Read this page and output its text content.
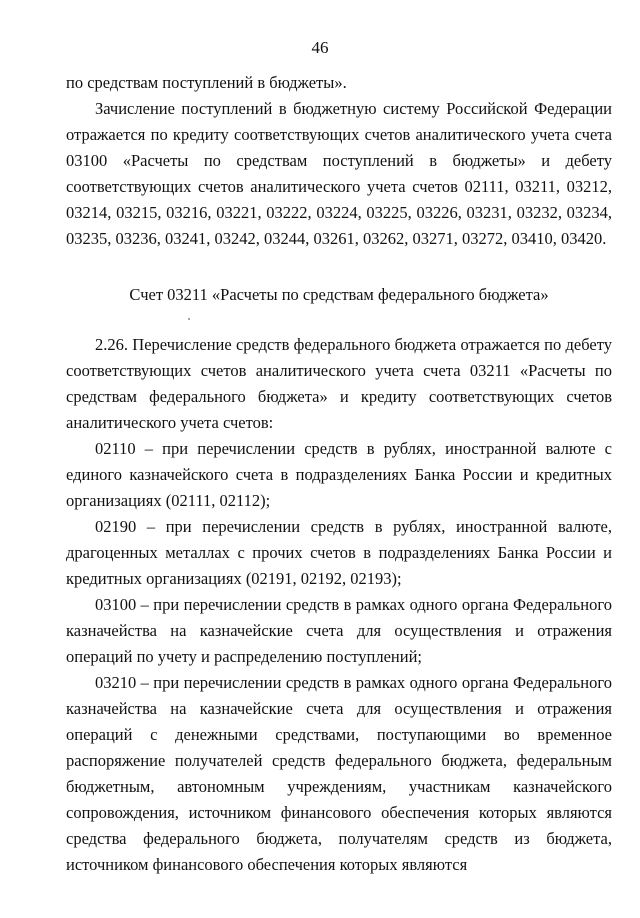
46

по средствам поступлений в бюджеты».

Зачисление поступлений в бюджетную систему Российской Федерации отражается по кредиту соответствующих счетов аналитического учета счета 03100 «Расчеты по средствам поступлений в бюджеты» и дебету соответствующих счетов аналитического учета счетов 02111, 03211, 03212, 03214, 03215, 03216, 03221, 03222, 03224, 03225, 03226, 03231, 03232, 03234, 03235, 03236, 03241, 03242, 03244, 03261, 03262, 03271, 03272, 03410, 03420.

Счет 03211 «Расчеты по средствам федерального бюджета»

2.26. Перечисление средств федерального бюджета отражается по дебету соответствующих счетов аналитического учета счета 03211 «Расчеты по средствам федерального бюджета» и кредиту соответствующих счетов аналитического учета счетов:

02110 – при перечислении средств в рублях, иностранной валюте с единого казначейского счета в подразделениях Банка России и кредитных организациях (02111, 02112);

02190 – при перечислении средств в рублях, иностранной валюте, драгоценных металлах с прочих счетов в подразделениях Банка России и кредитных организациях (02191, 02192, 02193);

03100 – при перечислении средств в рамках одного органа Федерального казначейства на казначейские счета для осуществления и отражения операций по учету и распределению поступлений;

03210 – при перечислении средств в рамках одного органа Федерального казначейства на казначейские счета для осуществления и отражения операций с денежными средствами, поступающими во временное распоряжение получателей средств федерального бюджета, федеральным бюджетным, автономным учреждениям, участникам казначейского сопровождения, источником финансового обеспечения которых являются средства федерального бюджета, получателям средств из бюджета, источником финансового обеспечения которых являются
